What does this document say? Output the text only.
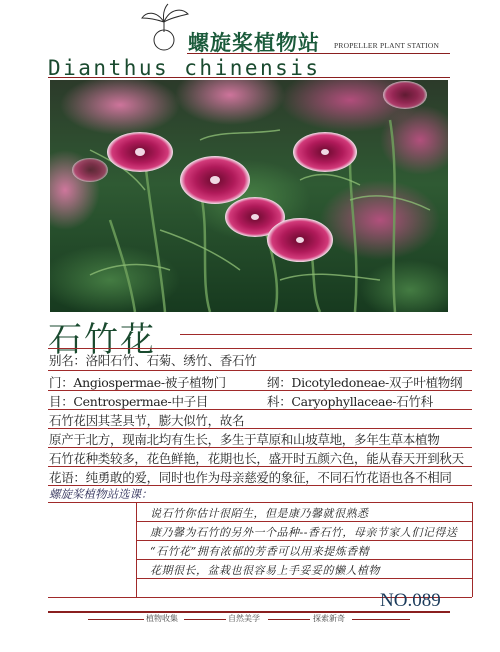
螺旋桨植物站 PROPELLER PLANT STATION
Dianthus chinensis
石竹花
别名：洛阳石竹、石菊、绣竹、香石竹
门：Angiospermae-被子植物门	纲：Dicotyledoneae-双子叶植物纲
目：Centrospermae-中子目	科：Caryophyllaceae-石竹科
石竹花因其茎具节，膨大似竹，故名
原产于北方，现南北均有生长，多生于草原和山坡草地，多年生草本植物
石竹花种类较多，花色鲜艳，花期也长，盛开时五颜六色，能从春天开到秋天
花语：纯勇敢的爱，同时也作为母亲慈爱的象征，不同石竹花语也各不相同
螺旋桨植物站选课：
说石竹你估计很陌生，但是康乃馨就很熟悉
康乃馨为石竹的另外一个品种--香石竹，母亲节家人们记得送
“石竹花”拥有浓郁的芳香可以用来提炼香精
花期很长，盆栽也很容易上手妥妥的懒人植物
NO.089
植物收集	自然美学	探索新奇
